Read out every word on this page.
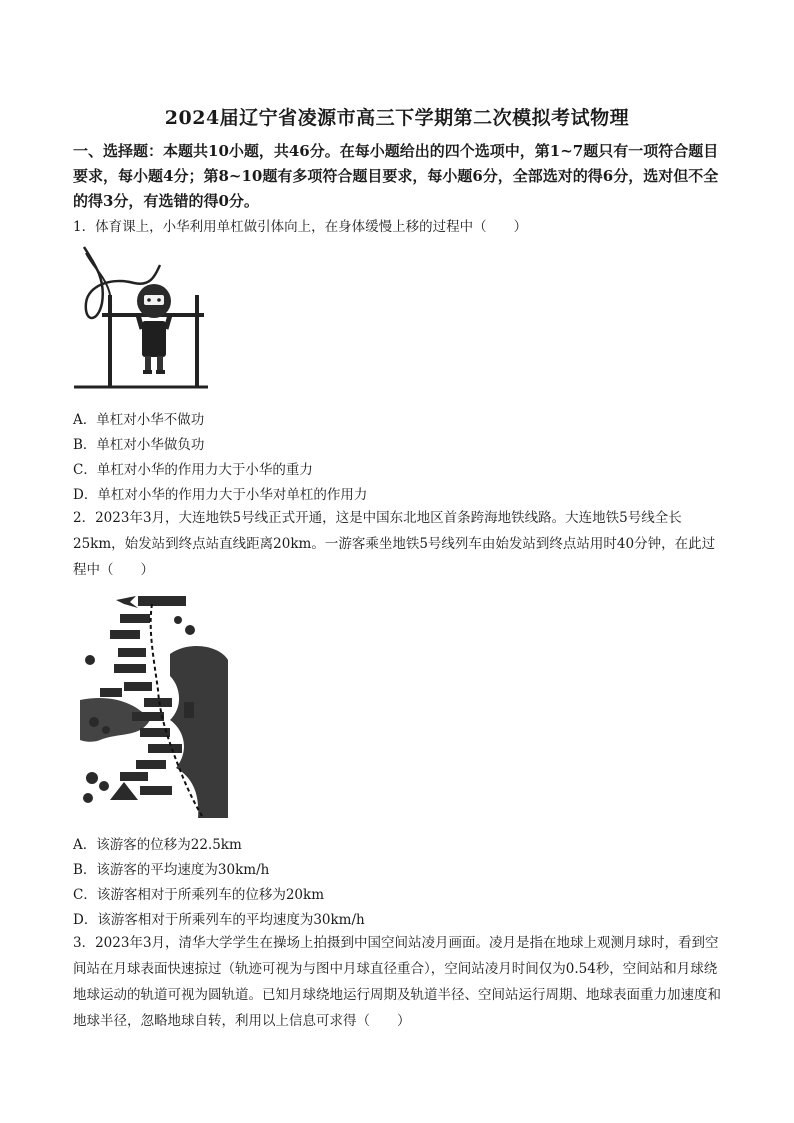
2024届辽宁省凌源市高三下学期第二次模拟考试物理
一、选择题：本题共10小题，共46分。在每小题给出的四个选项中，第1~7题只有一项符合题目要求，每小题4分；第8~10题有多项符合题目要求，每小题6分，全部选对的得6分，选对但不全的得3分，有选错的得0分。
1．体育课上，小华利用单杠做引体向上，在身体缓慢上移的过程中（　　）
A．单杠对小华不做功
B．单杠对小华做负功
C．单杠对小华的作用力大于小华的重力
D．单杠对小华的作用力大于小华对单杠的作用力
2．2023年3月，大连地铁5号线正式开通，这是中国东北地区首条跨海地铁线路。大连地铁5号线全长25km，始发站到终点站直线距离20km。一游客乘坐地铁5号线列车由始发站到终点站用时40分钟，在此过程中（　　）
A．该游客的位移为22.5km
B．该游客的平均速度为30km/h
C．该游客相对于所乘列车的位移为20km
D．该游客相对于所乘列车的平均速度为30km/h
3．2023年3月，清华大学学生在操场上拍摄到中国空间站凌月画面。凌月是指在地球上观测月球时，看到空间站在月球表面快速掠过（轨迹可视为与图中月球直径重合），空间站凌月时间仅为0.54秒，空间站和月球绕地球运动的轨道可视为圆轨道。已知月球绕地运行周期及轨道半径、空间站运行周期、地球表面重力加速度和地球半径，忽略地球自转，利用以上信息可求得（　　）
